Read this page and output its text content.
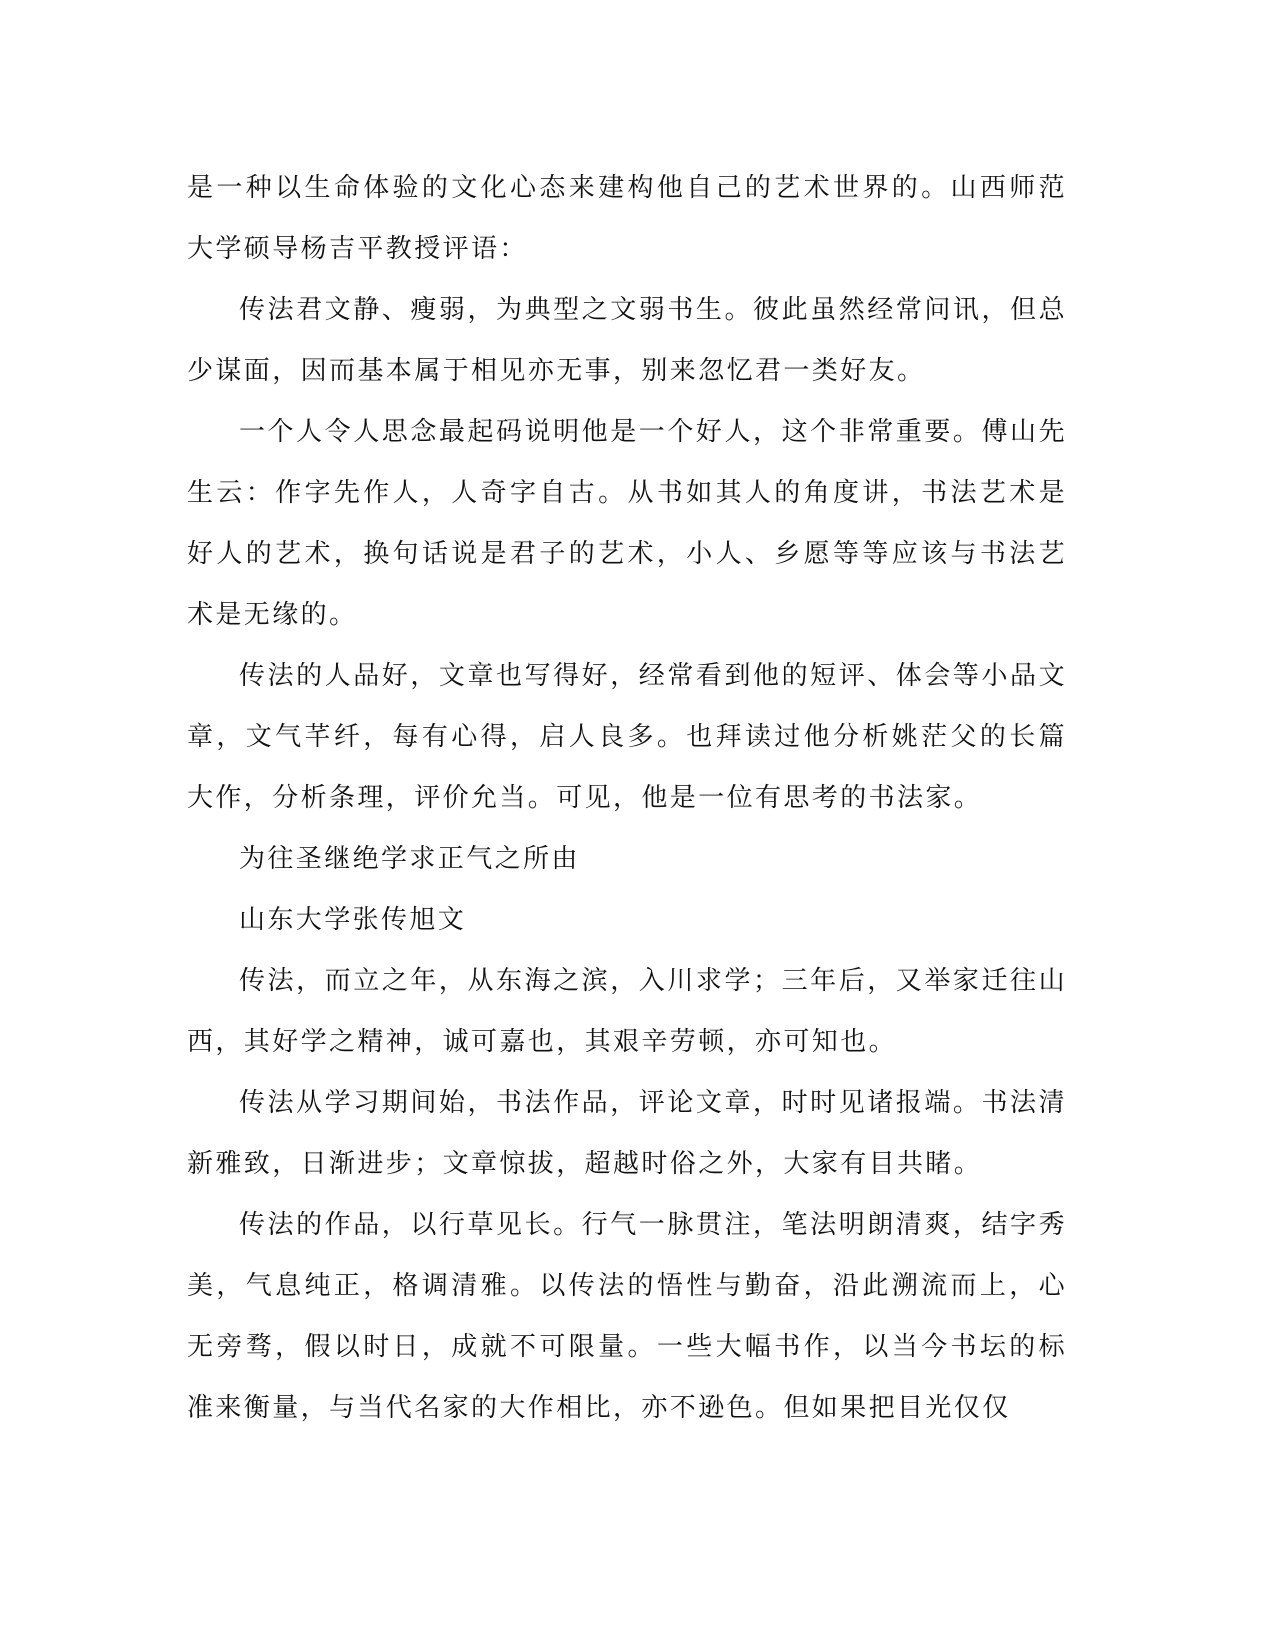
是一种以生命体验的文化心态来建构他自己的艺术世界的。山西师范大学硕导杨吉平教授评语：

传法君文静、瘦弱，为典型之文弱书生。彼此虽然经常问讯，但总少谋面，因而基本属于相见亦无事，别来忽忆君一类好友。

一个人令人思念最起码说明他是一个好人，这个非常重要。傅山先生云：作字先作人，人奇字自古。从书如其人的角度讲，书法艺术是好人的艺术，换句话说是君子的艺术，小人、乡愿等等应该与书法艺术是无缘的。

传法的人品好，文章也写得好，经常看到他的短评、体会等小品文章，文气芊纤，每有心得，启人良多。也拜读过他分析姚茫父的长篇大作，分析条理，评价允当。可见，他是一位有思考的书法家。

为往圣继绝学求正气之所由

山东大学张传旭文

传法，而立之年，从东海之滨，入川求学；三年后，又举家迁往山西，其好学之精神，诚可嘉也，其艰辛劳顿，亦可知也。

传法从学习期间始，书法作品，评论文章，时时见诸报端。书法清新雅致，日渐进步；文章惊拔，超越时俗之外，大家有目共睹。

传法的作品，以行草见长。行气一脉贯注，笔法明朗清爽，结字秀美，气息纯正，格调清雅。以传法的悟性与勤奋，沿此溯流而上，心无旁骛，假以时日，成就不可限量。一些大幅书作，以当今书坛的标准来衡量，与当代名家的大作相比，亦不逊色。但如果把目光仅仅
